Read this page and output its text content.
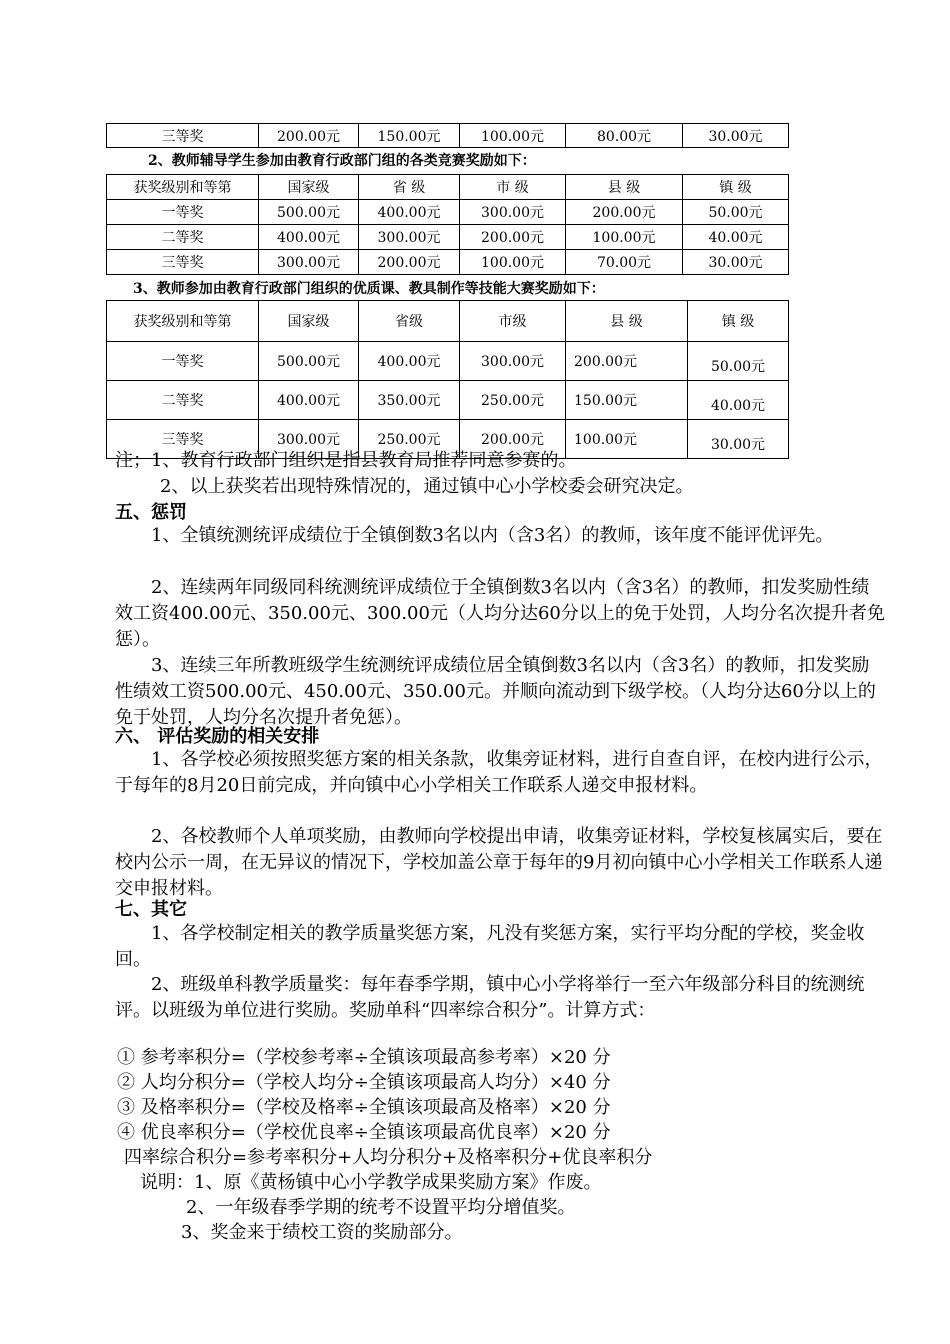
三等奖	200.00元	150.00元	100.00元	80.00元	30.00元
2、教师辅导学生参加由教育行政部门组的各类竞赛奖励如下：
获奖级别和等第	国家级	省 级	市 级	县 级	镇 级
一等奖	500.00元	400.00元	300.00元	200.00元	50.00元
二等奖	400.00元	300.00元	200.00元	100.00元	40.00元
三等奖	300.00元	200.00元	100.00元	70.00元	30.00元
3、教师参加由教育行政部门组织的优质课、教具制作等技能大赛奖励如下：
获奖级别和等第	国家级	省级	市级	县 级	镇 级
一等奖	500.00元	400.00元	300.00元	200.00元	50.00元
二等奖	400.00元	350.00元	250.00元	150.00元	40.00元
三等奖	300.00元	250.00元	200.00元	100.00元	30.00元
注；1、教育行政部门组织是指县教育局推荐同意参赛的。
2、以上获奖若出现特殊情况的，通过镇中心小学校委会研究决定。
五、惩罚
1、全镇统测统评成绩位于全镇倒数3名以内（含3名）的教师，该年度不能评优评先。
2、连续两年同级同科统测统评成绩位于全镇倒数3名以内（含3名）的教师，扣发奖励性绩效工资400.00元、350.00元、300.00元（人均分达60分以上的免于处罚，人均分名次提升者免惩）。
3、连续三年所教班级学生统测统评成绩位居全镇倒数3名以内（含3名）的教师，扣发奖励性绩效工资500.00元、450.00元、350.00元。并顺向流动到下级学校。（人均分达60分以上的免于处罚，人均分名次提升者免惩）。
六、 评估奖励的相关安排
1、各学校必须按照奖惩方案的相关条款，收集旁证材料，进行自查自评，在校内进行公示，于每年的8月20日前完成，并向镇中心小学相关工作联系人递交申报材料。
2、各校教师个人单项奖励，由教师向学校提出申请，收集旁证材料，学校复核属实后，要在校内公示一周，在无异议的情况下，学校加盖公章于每年的9月初向镇中心小学相关工作联系人递交申报材料。
七、其它
1、各学校制定相关的教学质量奖惩方案，凡没有奖惩方案，实行平均分配的学校，奖金收回。
2、班级单科教学质量奖：每年春季学期，镇中心小学将举行一至六年级部分科目的统测统评。以班级为单位进行奖励。奖励单科“四率综合积分”。计算方式：
① 参考率积分=（学校参考率÷全镇该项最高参考率）×20 分
② 人均分积分=（学校人均分÷全镇该项最高人均分）×40 分
③ 及格率积分=（学校及格率÷全镇该项最高及格率）×20 分
④ 优良率积分=（学校优良率÷全镇该项最高优良率）×20 分
四率综合积分=参考率积分+人均分积分+及格率积分+优良率积分
说明：1、原《黄杨镇中心小学教学成果奖励方案》作废。
2、一年级春季学期的统考不设置平均分增值奖。
3、奖金来于绩校工资的奖励部分。
